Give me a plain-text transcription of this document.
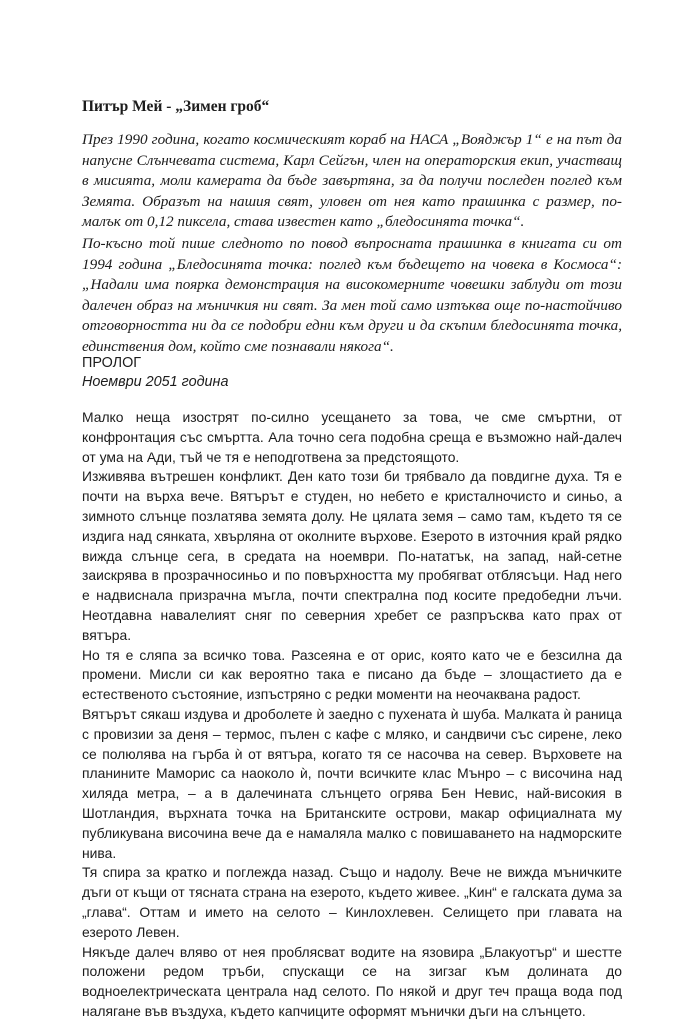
Питър Мей - „Зимен гроб“

През 1990 година, когато космическият кораб на НАСА „Вояджър 1“ е на път да напусне Слънчевата система, Карл Сейгън, член на операторския екип, участващ в мисията, моли камерата да бъде завъртяна, за да получи последен поглед към Земята. Образът на нашия свят, уловен от нея като прашинка с размер, по-малък от 0,12 пиксела, става известен като „бледосинята точка“.

По-късно той пише следното по повод въпросната прашинка в книгата си от 1994 година „Бледосинята точка: поглед към бъдещето на човека в Космоса“: „Надали има поярка демонстрация на високомерните човешки заблуди от този далечен образ на мъничкия ни свят. За мен той само изтъква още по-настойчиво отговорността ни да се подобри едни към други и да скъпим бледосинята точка, единствения дом, който сме познавали някога“.

ПРОЛОГ

Ноември 2051 година

Малко неща изострят по-силно усещането за това, че сме смъртни, от конфронтация със смъртта. Ала точно сега подобна среща е възможно най-далеч от ума на Ади, тъй че тя е неподготвена за предстоящото.

Изживява вътрешен конфликт. Ден като този би трябвало да повдигне духа. Тя е почти на върха вече. Вятърът е студен, но небето е кристалночисто и синьо, а зимното слънце позлатява земята долу. Не цялата земя – само там, където тя се издига над сянката, хвърляна от околните върхове. Езерото в източния край рядко вижда слънце сега, в средата на ноември. По-нататък, на запад, най-сетне заискрява в прозрачносиньо и по повърхността му пробягват отблясъци. Над него е надвиснала призрачна мъгла, почти спектрална под косите предобедни лъчи. Неотдавна навалелият сняг по северния хребет се разпръсква като прах от вятъра.

Но тя е сляпа за всичко това. Разсеяна е от орис, която като че е безсилна да промени. Мисли си как вероятно така е писано да бъде – злощастието да е естественото състояние, изпъстряно с редки моменти на неочаквана радост.

Вятърът сякаш издува и дроболете ѝ заедно с пухената ѝ шуба. Малката ѝ раница с провизии за деня – термос, пълен с кафе с мляко, и сандвичи със сирене, леко се полюлява на гърба ѝ от вятъра, когато тя се насочва на север. Върховете на планините Маморис са наоколо ѝ, почти всичките клас Мънро – с височина над хиляда метра, – а в далечината слънцето огрява Бен Невис, най-високия в Шотландия, върхната точка на Британските острови, макар официалната му публикувана височина вече да е намаляла малко с повишаването на надморските нива.

Тя спира за кратко и поглежда назад. Също и надолу. Вече не вижда мъничките дъги от къщи от тясната страна на езерото, където живее. „Кин“ е галската дума за „глава“. Оттам и името на селото – Кинлохлевен. Селището при главата на езерото Левен.

Някъде далеч вляво от нея проблясват водите на язовира „Блакуотър“ и шестте положени редом тръби, спускащи се на зигзаг към долината до водноелектрическата централа над селото. По някой и друг теч праща вода под налягане във въздуха, където капчиците оформят мънички дъги на слънцето.
